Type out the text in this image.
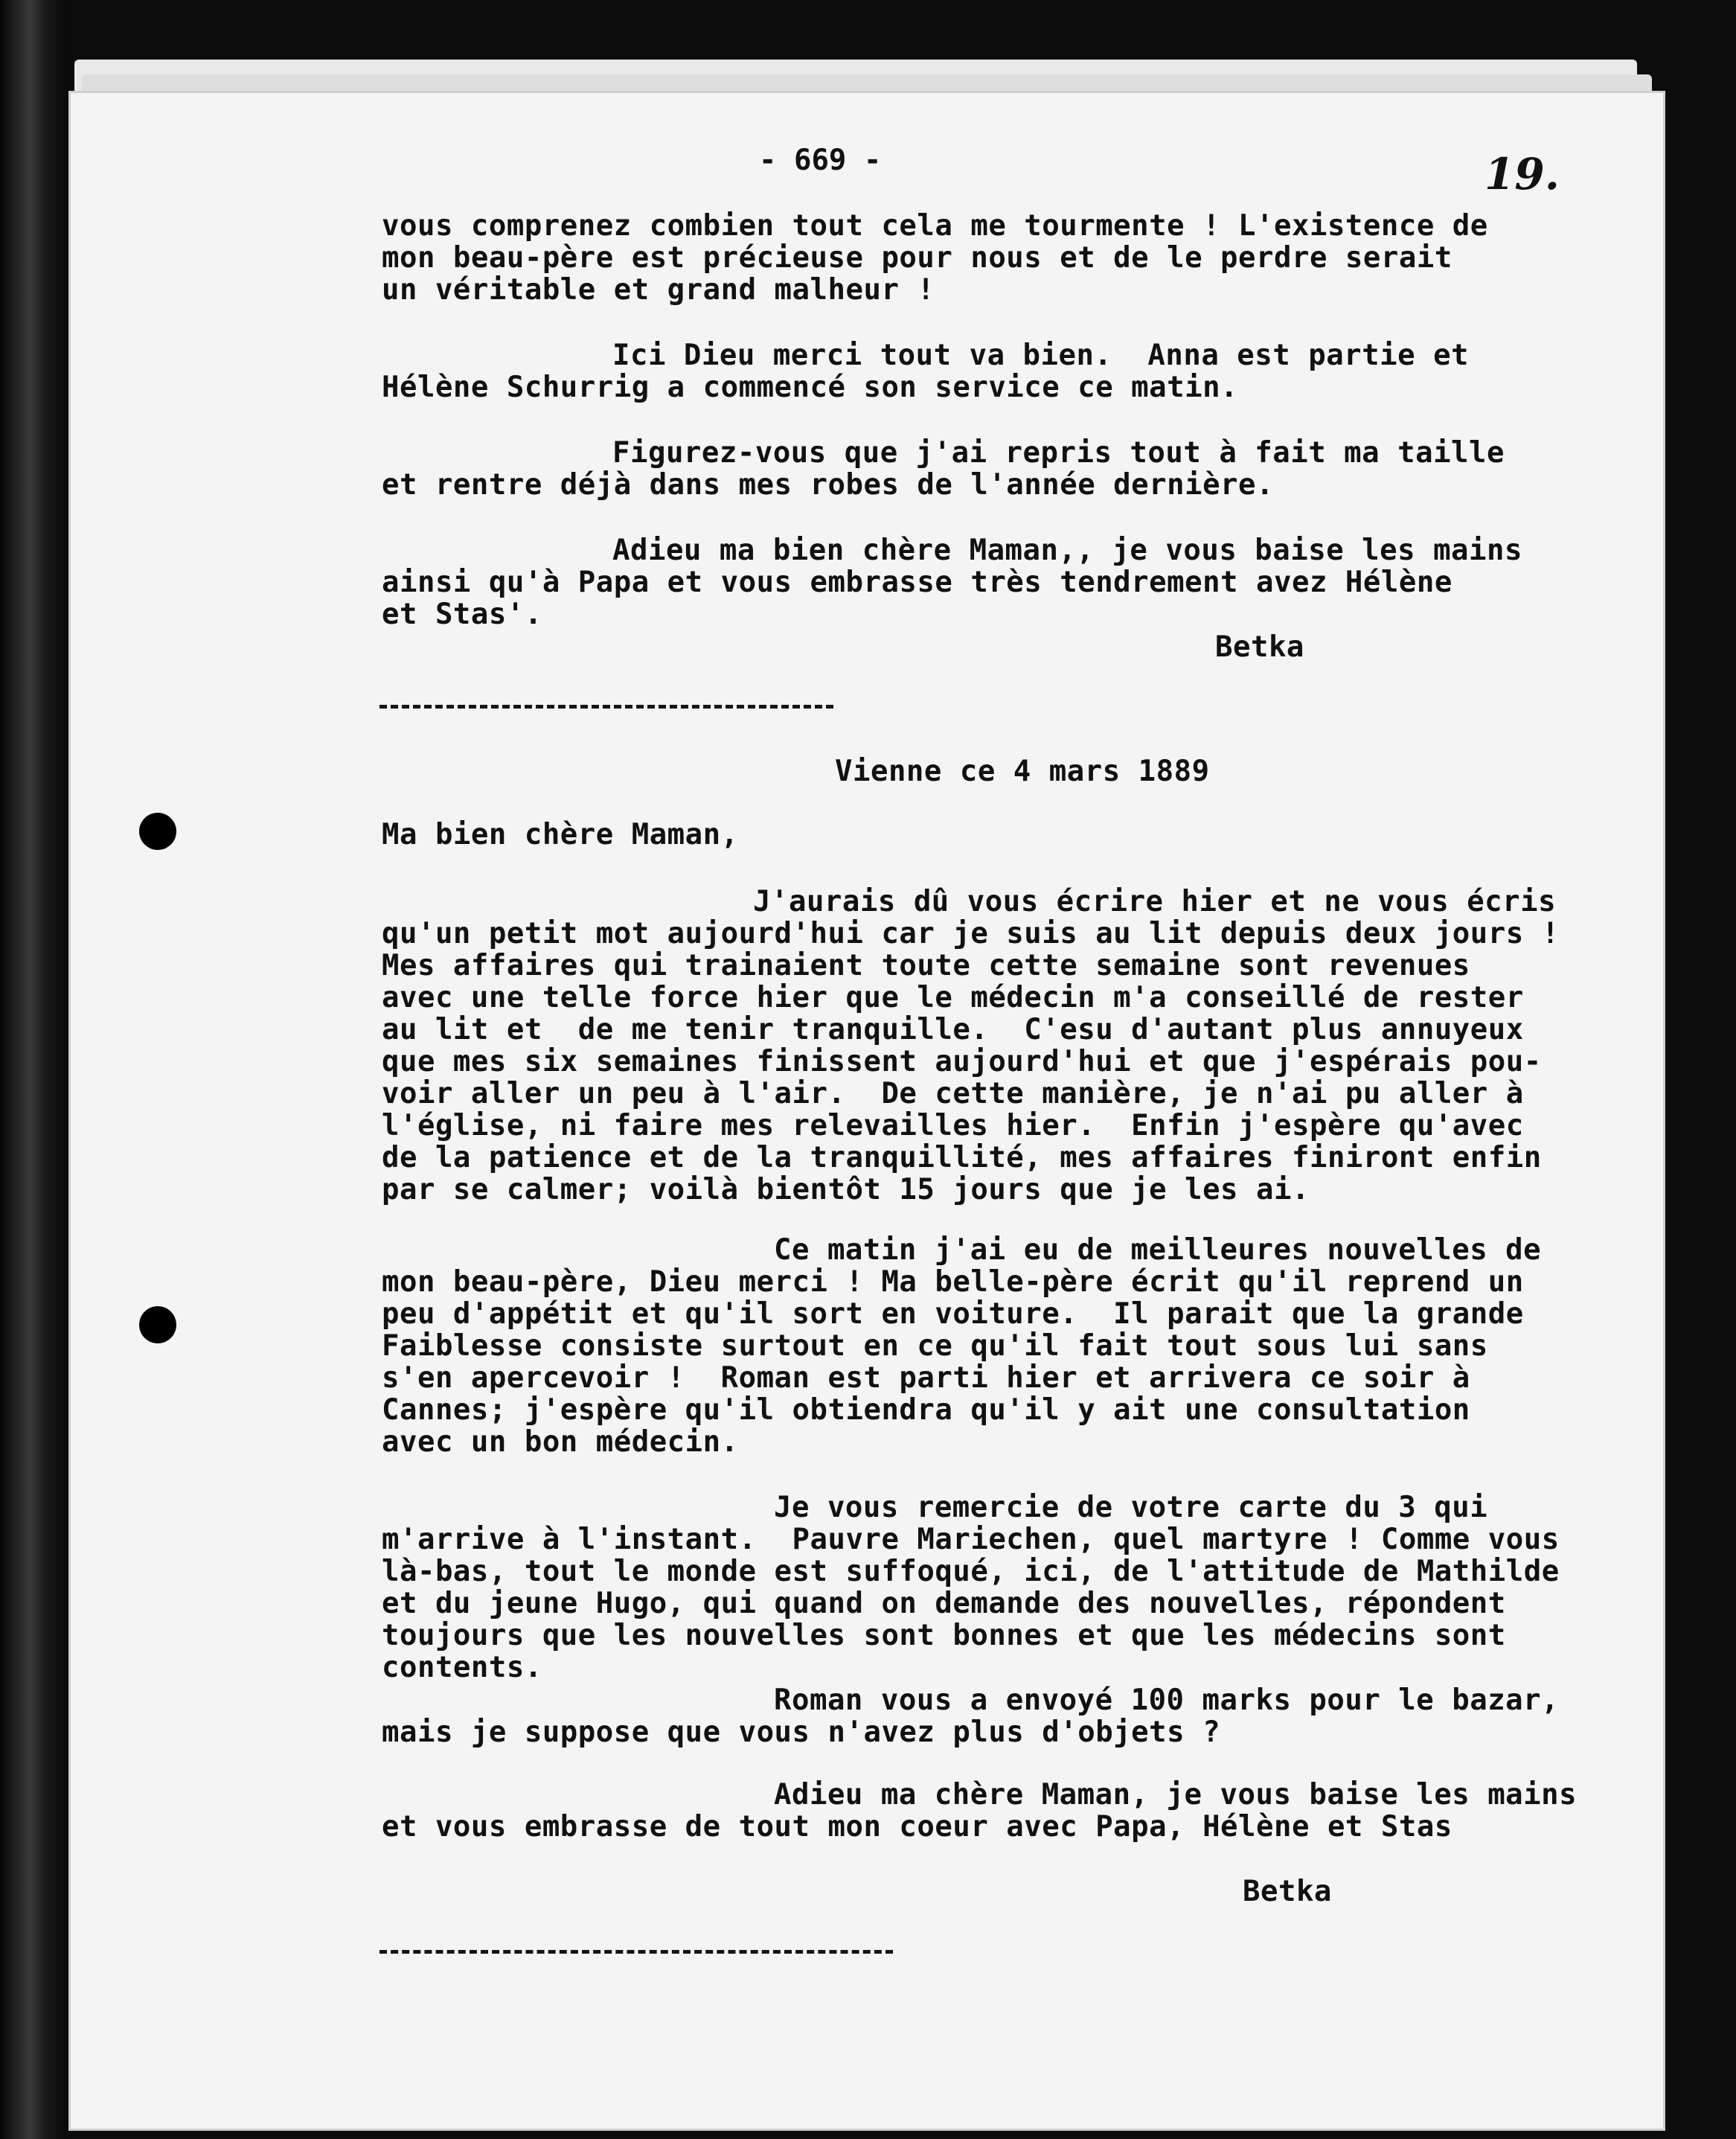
- 669 -	19.
vous comprenez combien tout cela me tourmente ! L'existence de
mon beau-père est précieuse pour nous et de le perdre serait
un véritable et grand malheur !
Ici Dieu merci tout va bien.  Anna est partie et
Hélène Schurrig a commencé son service ce matin.
Figurez-vous que j'ai repris tout à fait ma taille
et rentre déjà dans mes robes de l'année dernière.
Adieu ma bien chère Maman,, je vous baise les mains
ainsi qu'à Papa et vous embrasse très tendrement avez Hélène
et Stas'.
Betka
Vienne ce 4 mars 1889
Ma bien chère Maman,
J'aurais dû vous écrire hier et ne vous écris
qu'un petit mot aujourd'hui car je suis au lit depuis deux jours !
Mes affaires qui trainaient toute cette semaine sont revenues
avec une telle force hier que le médecin m'a conseillé de rester
au lit et  de me tenir tranquille.  C'esu d'autant plus annuyeux
que mes six semaines finissent aujourd'hui et que j'espérais pou-
voir aller un peu à l'air.  De cette manière, je n'ai pu aller à
l'église, ni faire mes relevailles hier.  Enfin j'espère qu'avec
de la patience et de la tranquillité, mes affaires finiront enfin
par se calmer; voilà bientôt 15 jours que je les ai.
Ce matin j'ai eu de meilleures nouvelles de
mon beau-père, Dieu merci ! Ma belle-père écrit qu'il reprend un
peu d'appétit et qu'il sort en voiture.  Il parait que la grande
Faiblesse consiste surtout en ce qu'il fait tout sous lui sans
s'en apercevoir !  Roman est parti hier et arrivera ce soir à
Cannes; j'espère qu'il obtiendra qu'il y ait une consultation
avec un bon médecin.
Je vous remercie de votre carte du 3 qui
m'arrive à l'instant.  Pauvre Mariechen, quel martyre ! Comme vous
là-bas, tout le monde est suffoqué, ici, de l'attitude de Mathilde
et du jeune Hugo, qui quand on demande des nouvelles, répondent
toujours que les nouvelles sont bonnes et que les médecins sont
contents.
Roman vous a envoyé 100 marks pour le bazar,
mais je suppose que vous n'avez plus d'objets ?
Adieu ma chère Maman, je vous baise les mains
et vous embrasse de tout mon coeur avec Papa, Hélène et Stas
Betka
